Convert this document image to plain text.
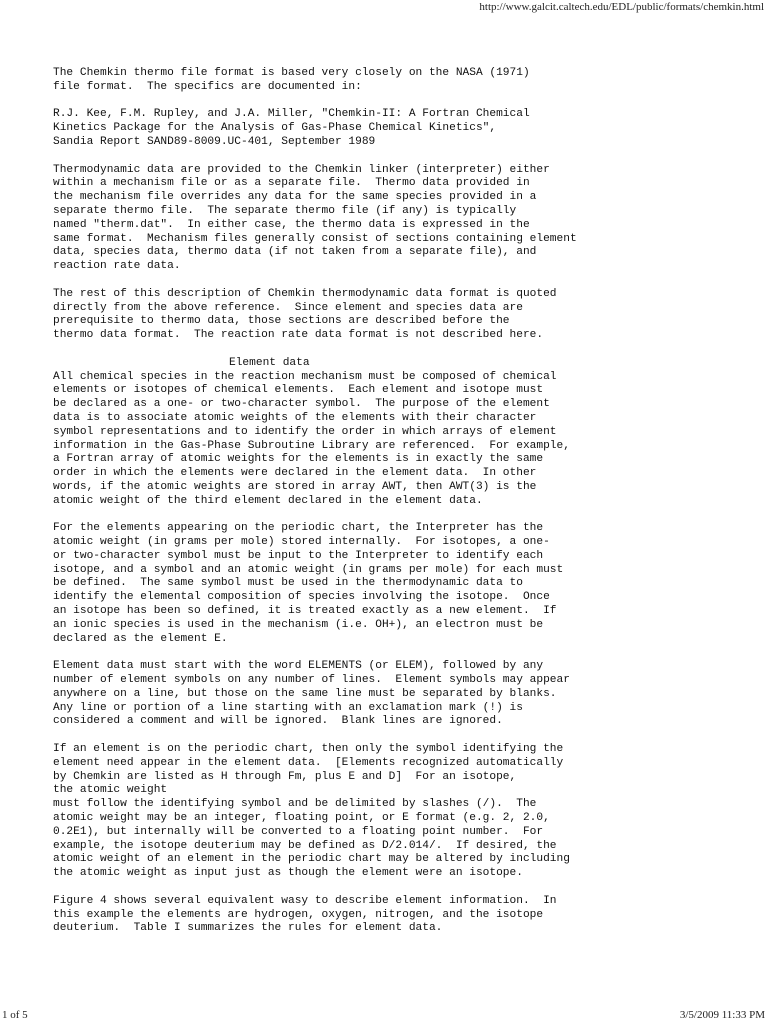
http://www.galcit.caltech.edu/EDL/public/formats/chemkin.html
The Chemkin thermo file format is based very closely on the NASA (1971)
file format.  The specifics are documented in:
R.J. Kee, F.M. Rupley, and J.A. Miller, "Chemkin-II: A Fortran Chemical
Kinetics Package for the Analysis of Gas-Phase Chemical Kinetics",
Sandia Report SAND89-8009.UC-401, September 1989
Thermodynamic data are provided to the Chemkin linker (interpreter) either
within a mechanism file or as a separate file.  Thermo data provided in
the mechanism file overrides any data for the same species provided in a
separate thermo file.  The separate thermo file (if any) is typically
named "therm.dat".  In either case, the thermo data is expressed in the
same format.  Mechanism files generally consist of sections containing element
data, species data, thermo data (if not taken from a separate file), and
reaction rate data.
The rest of this description of Chemkin thermodynamic data format is quoted
directly from the above reference.  Since element and species data are
prerequisite to thermo data, those sections are described before the
thermo data format.  The reaction rate data format is not described here.
Element data
All chemical species in the reaction mechanism must be composed of chemical
elements or isotopes of chemical elements.  Each element and isotope must
be declared as a one- or two-character symbol.  The purpose of the element
data is to associate atomic weights of the elements with their character
symbol representations and to identify the order in which arrays of element
information in the Gas-Phase Subroutine Library are referenced.  For example,
a Fortran array of atomic weights for the elements is in exactly the same
order in which the elements were declared in the element data.  In other
words, if the atomic weights are stored in array AWT, then AWT(3) is the
atomic weight of the third element declared in the element data.
For the elements appearing on the periodic chart, the Interpreter has the
atomic weight (in grams per mole) stored internally.  For isotopes, a one-
or two-character symbol must be input to the Interpreter to identify each
isotope, and a symbol and an atomic weight (in grams per mole) for each must
be defined.  The same symbol must be used in the thermodynamic data to
identify the elemental composition of species involving the isotope.  Once
an isotope has been so defined, it is treated exactly as a new element.  If
an ionic species is used in the mechanism (i.e. OH+), an electron must be
declared as the element E.
Element data must start with the word ELEMENTS (or ELEM), followed by any
number of element symbols on any number of lines.  Element symbols may appear
anywhere on a line, but those on the same line must be separated by blanks.
Any line or portion of a line starting with an exclamation mark (!) is
considered a comment and will be ignored.  Blank lines are ignored.
If an element is on the periodic chart, then only the symbol identifying the
element need appear in the element data.  [Elements recognized automatically
by Chemkin are listed as H through Fm, plus E and D]  For an isotope,
the atomic weight
must follow the identifying symbol and be delimited by slashes (/).  The
atomic weight may be an integer, floating point, or E format (e.g. 2, 2.0,
0.2E1), but internally will be converted to a floating point number.  For
example, the isotope deuterium may be defined as D/2.014/.  If desired, the
atomic weight of an element in the periodic chart may be altered by including
the atomic weight as input just as though the element were an isotope.
Figure 4 shows several equivalent wasy to describe element information.  In
this example the elements are hydrogen, oxygen, nitrogen, and the isotope
deuterium.  Table I summarizes the rules for element data.
1 of 5	3/5/2009 11:33 PM
